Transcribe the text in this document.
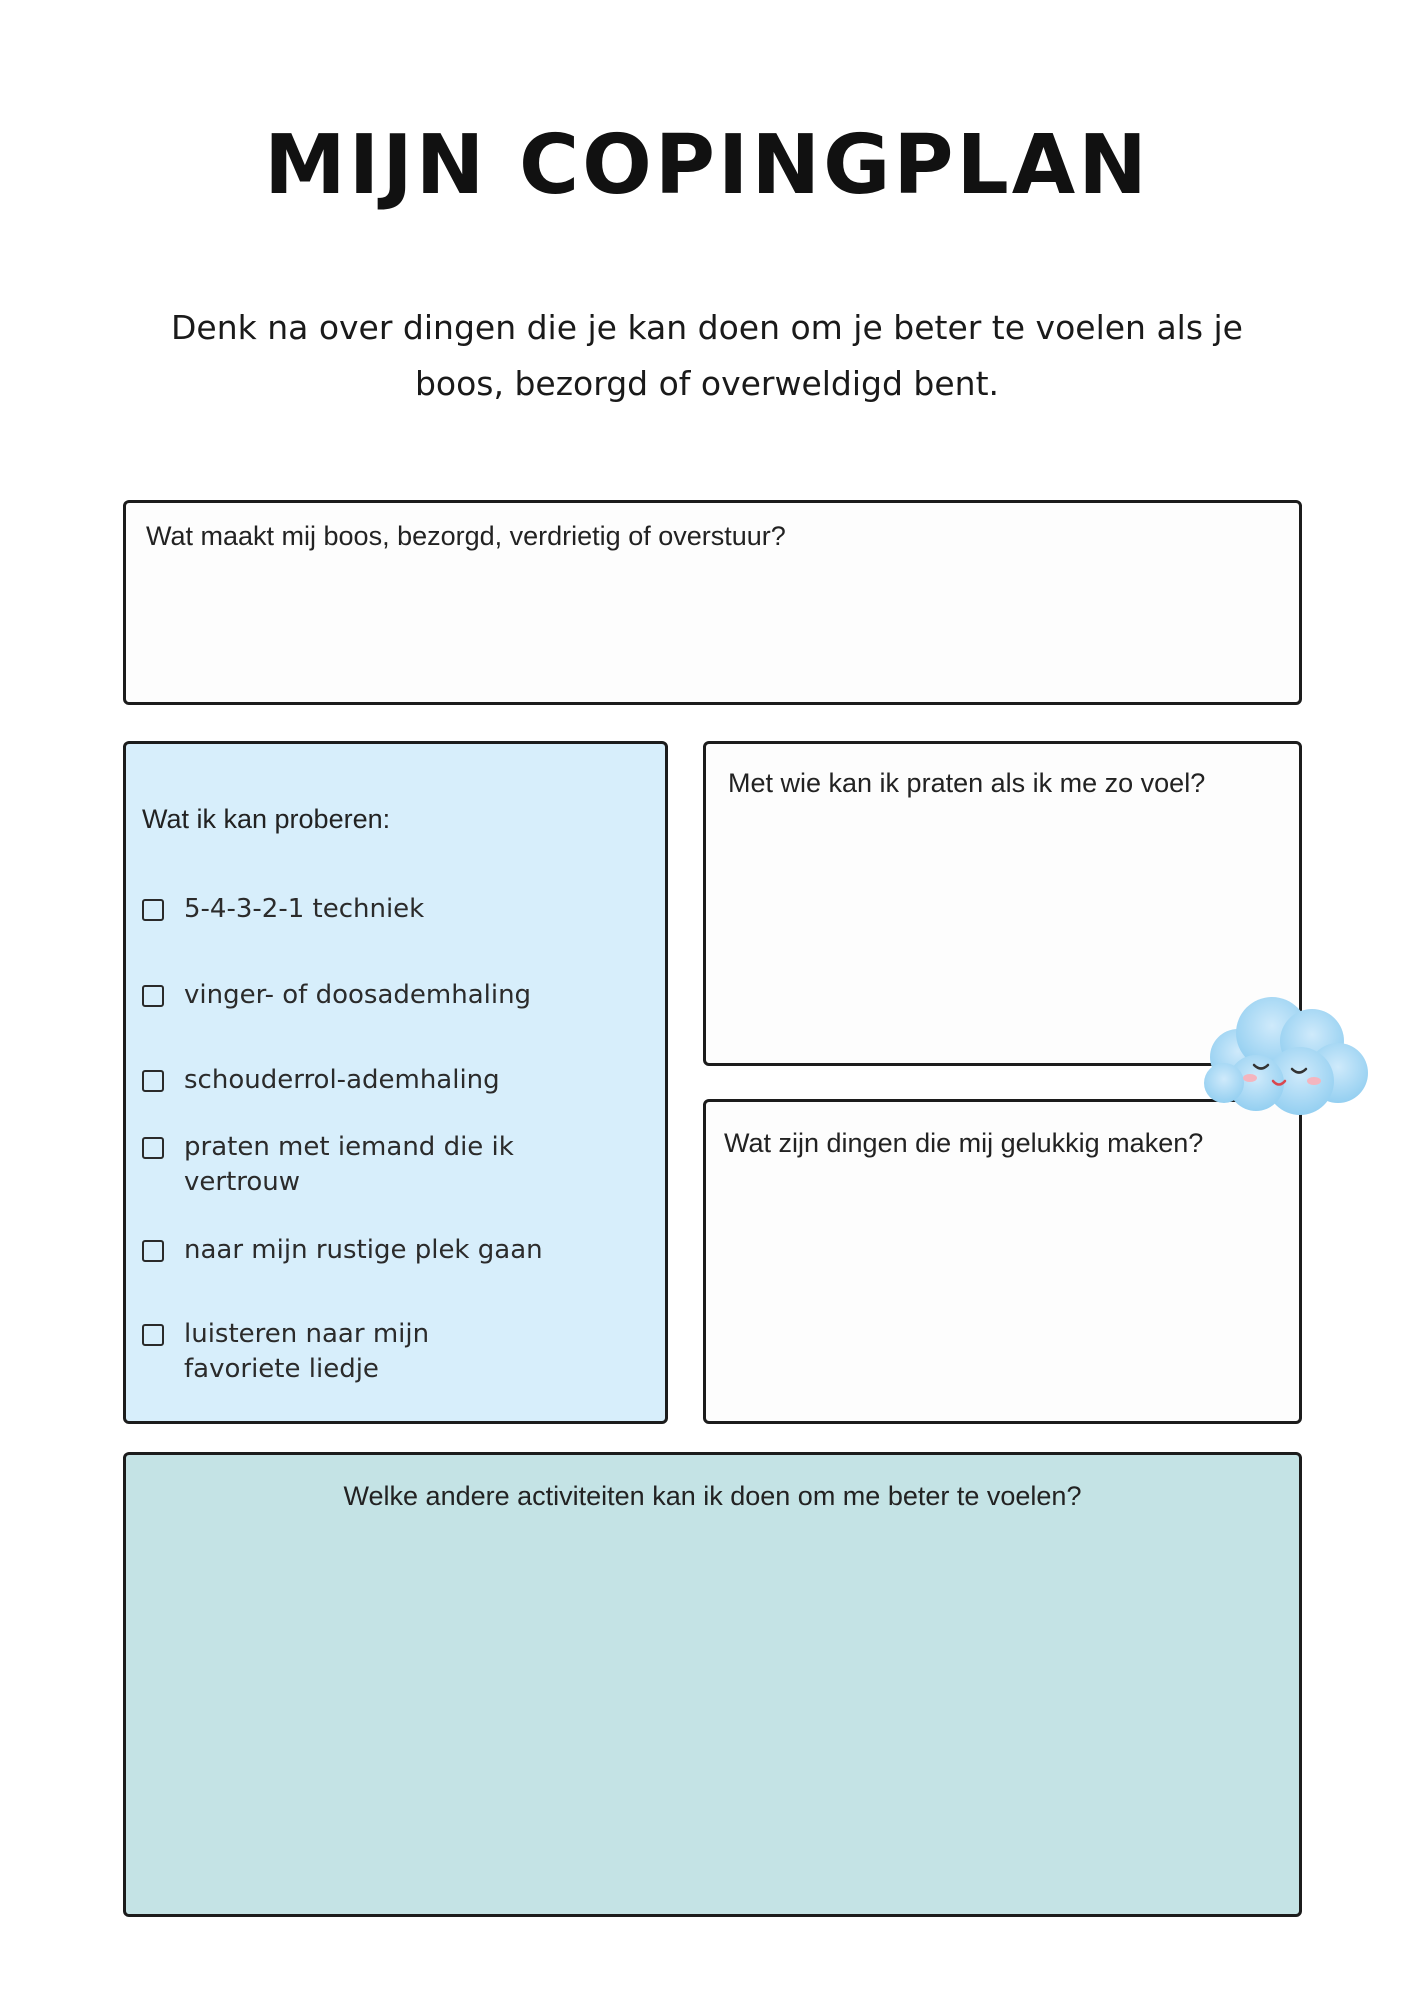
MIJN COPINGPLAN

Denk na over dingen die je kan doen om je beter te voelen als je boos, bezorgd of overweldigd bent.

Wat maakt mij boos, bezorgd, verdrietig of overstuur?

Wat ik kan proberen:

5-4-3-2-1 techniek
vinger- of doosademhaling
schouderrol-ademhaling
praten met iemand die ik vertrouw
naar mijn rustige plek gaan
luisteren naar mijn favoriete liedje

Met wie kan ik praten als ik me zo voel?

Wat zijn dingen die mij gelukkig maken?

Welke andere activiteiten kan ik doen om me beter te voelen?
